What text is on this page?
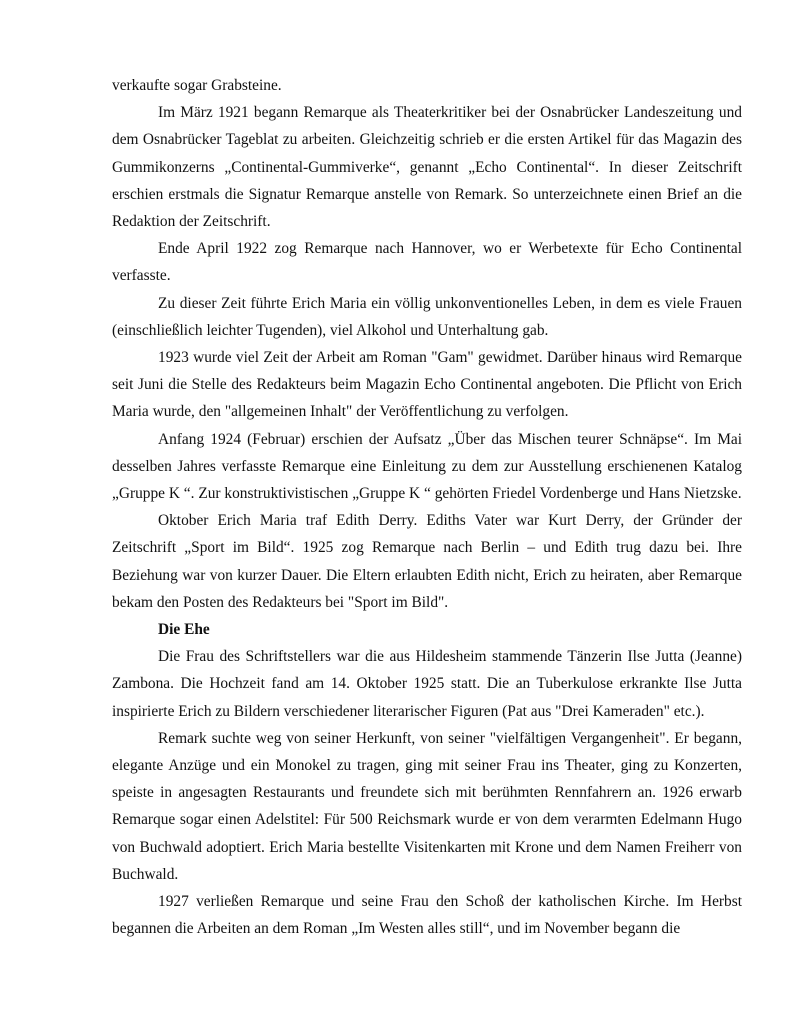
verkaufte sogar Grabsteine.

Im März 1921 begann Remarque als Theaterkritiker bei der Osnabrücker Landeszeitung und dem Osnabrücker Tageblat zu arbeiten. Gleichzeitig schrieb er die ersten Artikel für das Magazin des Gummikonzerns „Continental-Gummiverke“, genannt „Echo Continental“. In dieser Zeitschrift erschien erstmals die Signatur Remarque anstelle von Remark. So unterzeichnete einen Brief an die Redaktion der Zeitschrift.

Ende April 1922 zog Remarque nach Hannover, wo er Werbetexte für Echo Continental verfasste.

Zu dieser Zeit führte Erich Maria ein völlig unkonventionelles Leben, in dem es viele Frauen (einschließlich leichter Tugenden), viel Alkohol und Unterhaltung gab.

1923 wurde viel Zeit der Arbeit am Roman "Gam" gewidmet. Darüber hinaus wird Remarque seit Juni die Stelle des Redakteurs beim Magazin Echo Continental angeboten. Die Pflicht von Erich Maria wurde, den "allgemeinen Inhalt" der Veröffentlichung zu verfolgen.

Anfang 1924 (Februar) erschien der Aufsatz „Über das Mischen teurer Schnäpse“. Im Mai desselben Jahres verfasste Remarque eine Einleitung zu dem zur Ausstellung erschienenen Katalog „Gruppe K “. Zur konstruktivistischen „Gruppe K “ gehörten Friedel Vordenberge und Hans Nietzske.

Oktober Erich Maria traf Edith Derry. Ediths Vater war Kurt Derry, der Gründer der Zeitschrift „Sport im Bild“. 1925 zog Remarque nach Berlin – und Edith trug dazu bei. Ihre Beziehung war von kurzer Dauer. Die Eltern erlaubten Edith nicht, Erich zu heiraten, aber Remarque bekam den Posten des Redakteurs bei "Sport im Bild".

Die Ehe

Die Frau des Schriftstellers war die aus Hildesheim stammende Tänzerin Ilse Jutta (Jeanne) Zambona. Die Hochzeit fand am 14. Oktober 1925 statt. Die an Tuberkulose erkrankte Ilse Jutta inspirierte Erich zu Bildern verschiedener literarischer Figuren (Pat aus "Drei Kameraden" etc.).

Remark suchte weg von seiner Herkunft, von seiner "vielfältigen Vergangenheit". Er begann, elegante Anzüge und ein Monokel zu tragen, ging mit seiner Frau ins Theater, ging zu Konzerten, speiste in angesagten Restaurants und freundete sich mit berühmten Rennfahrern an. 1926 erwarb Remarque sogar einen Adelstitel: Für 500 Reichsmark wurde er von dem verarmten Edelmann Hugo von Buchwald adoptiert. Erich Maria bestellte Visitenkarten mit Krone und dem Namen Freiherr von Buchwald.

1927 verließen Remarque und seine Frau den Schoß der katholischen Kirche. Im Herbst begannen die Arbeiten an dem Roman „Im Westen alles still“, und im November begann die
